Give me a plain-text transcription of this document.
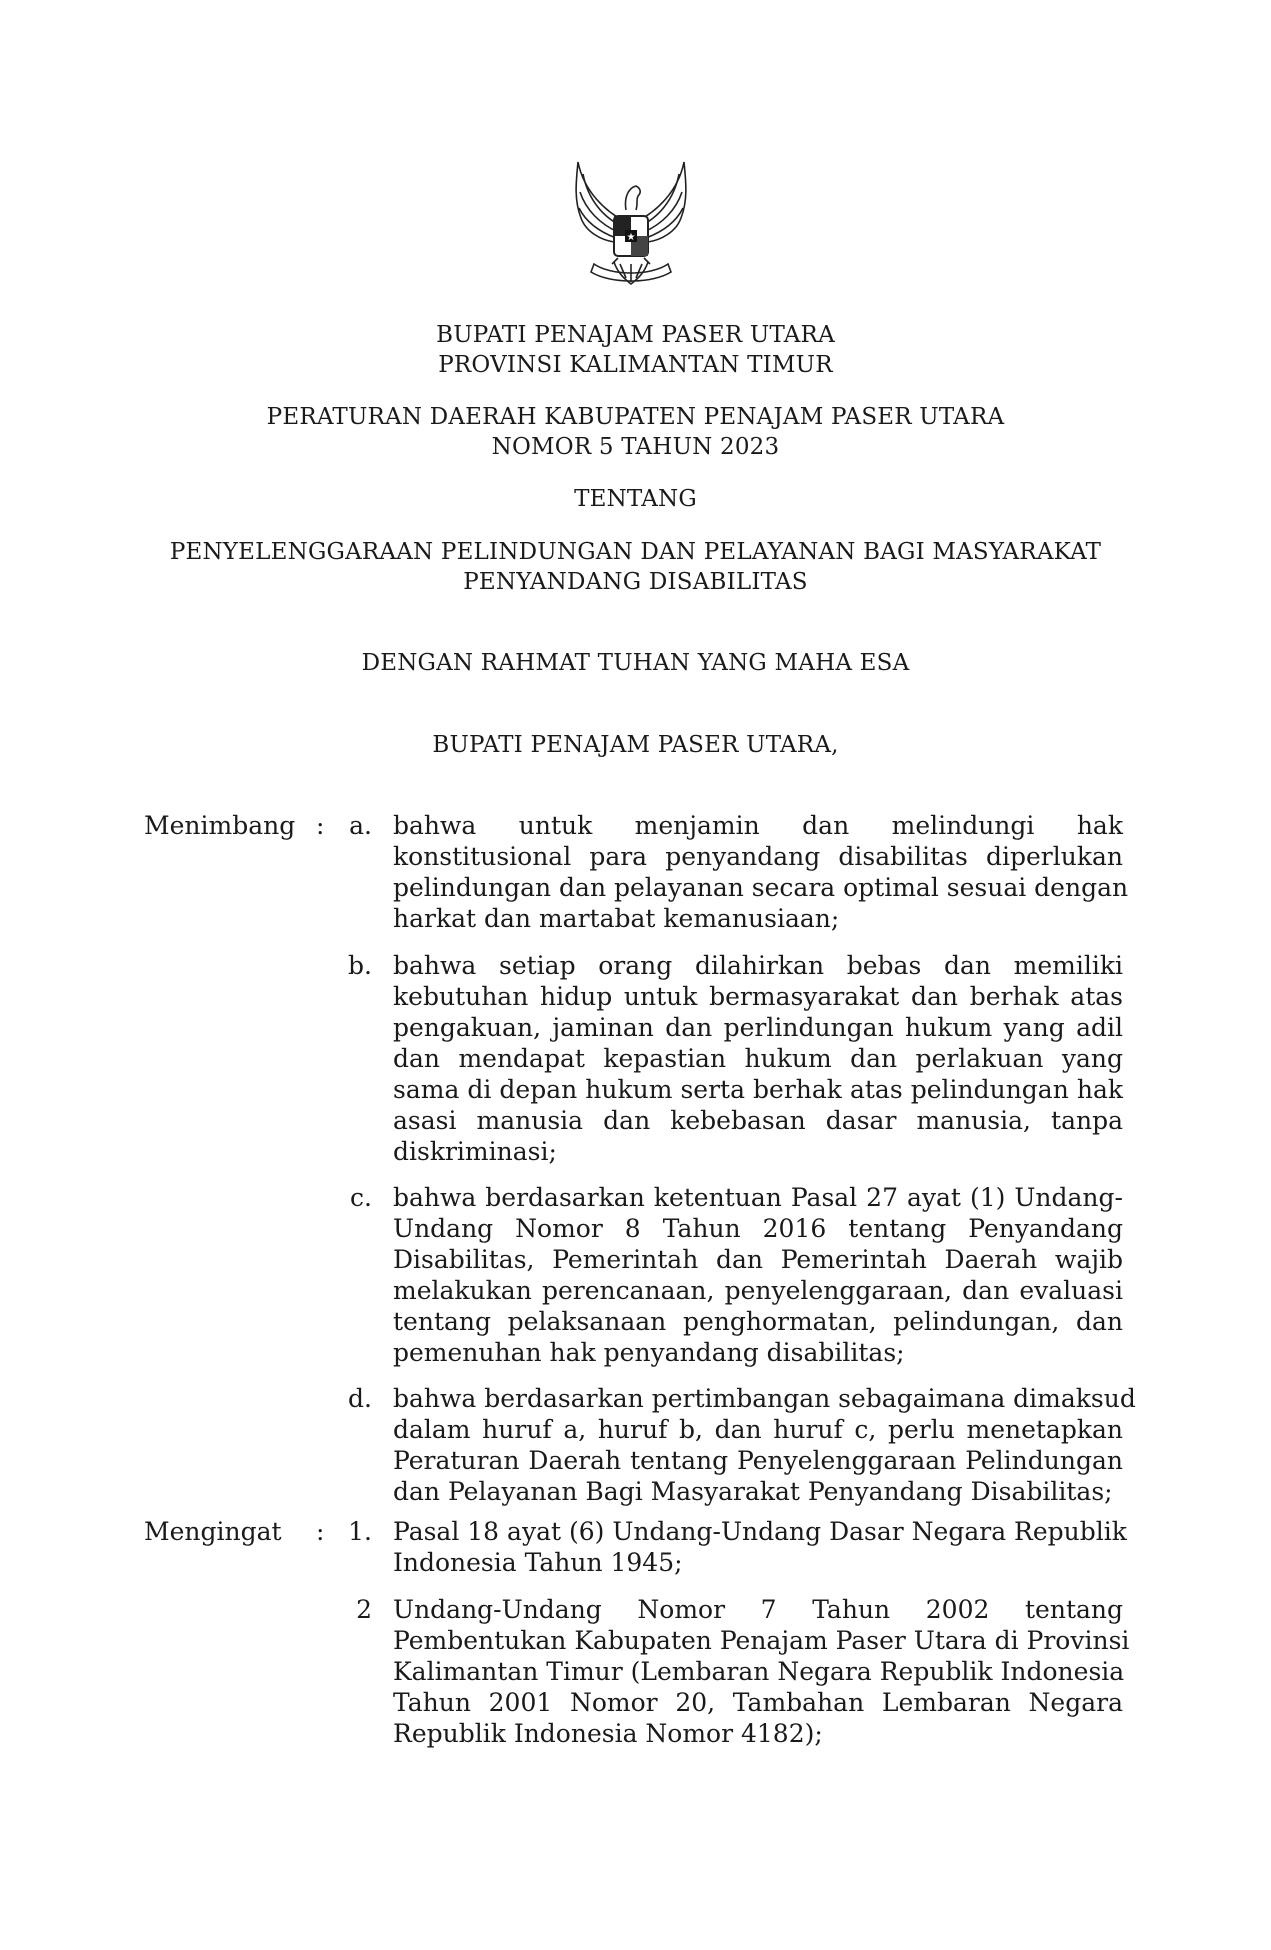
★
BUPATI PENAJAM PASER UTARA
PROVINSI KALIMANTAN TIMUR
PERATURAN DAERAH KABUPATEN PENAJAM PASER UTARA
NOMOR 5 TAHUN 2023
TENTANG
PENYELENGGARAAN PELINDUNGAN DAN PELAYANAN BAGI MASYARAKAT
PENYANDANG DISABILITAS
DENGAN RAHMAT TUHAN YANG MAHA ESA
BUPATI PENAJAM PASER UTARA,
Menimbang : a. bahwa untuk menjamin dan melindungi hak
konstitusional para penyandang disabilitas diperlukan
pelindungan dan pelayanan secara optimal sesuai dengan
harkat dan martabat kemanusiaan;
b. bahwa setiap orang dilahirkan bebas dan memiliki
kebutuhan hidup untuk bermasyarakat dan berhak atas
pengakuan, jaminan dan perlindungan hukum yang adil
dan mendapat kepastian hukum dan perlakuan yang
sama di depan hukum serta berhak atas pelindungan hak
asasi manusia dan kebebasan dasar manusia, tanpa
diskriminasi;
c. bahwa berdasarkan ketentuan Pasal 27 ayat (1) Undang-
Undang Nomor 8 Tahun 2016 tentang Penyandang
Disabilitas, Pemerintah dan Pemerintah Daerah wajib
melakukan perencanaan, penyelenggaraan, dan evaluasi
tentang pelaksanaan penghormatan, pelindungan, dan
pemenuhan hak penyandang disabilitas;
d. bahwa berdasarkan pertimbangan sebagaimana dimaksud
dalam huruf a, huruf b, dan huruf c, perlu menetapkan
Peraturan Daerah tentang Penyelenggaraan Pelindungan
dan Pelayanan Bagi Masyarakat Penyandang Disabilitas;
Mengingat : 1. Pasal 18 ayat (6) Undang-Undang Dasar Negara Republik
Indonesia Tahun 1945;
2 Undang-Undang Nomor 7 Tahun 2002 tentang
Pembentukan Kabupaten Penajam Paser Utara di Provinsi
Kalimantan Timur (Lembaran Negara Republik Indonesia
Tahun 2001 Nomor 20, Tambahan Lembaran Negara
Republik Indonesia Nomor 4182);
